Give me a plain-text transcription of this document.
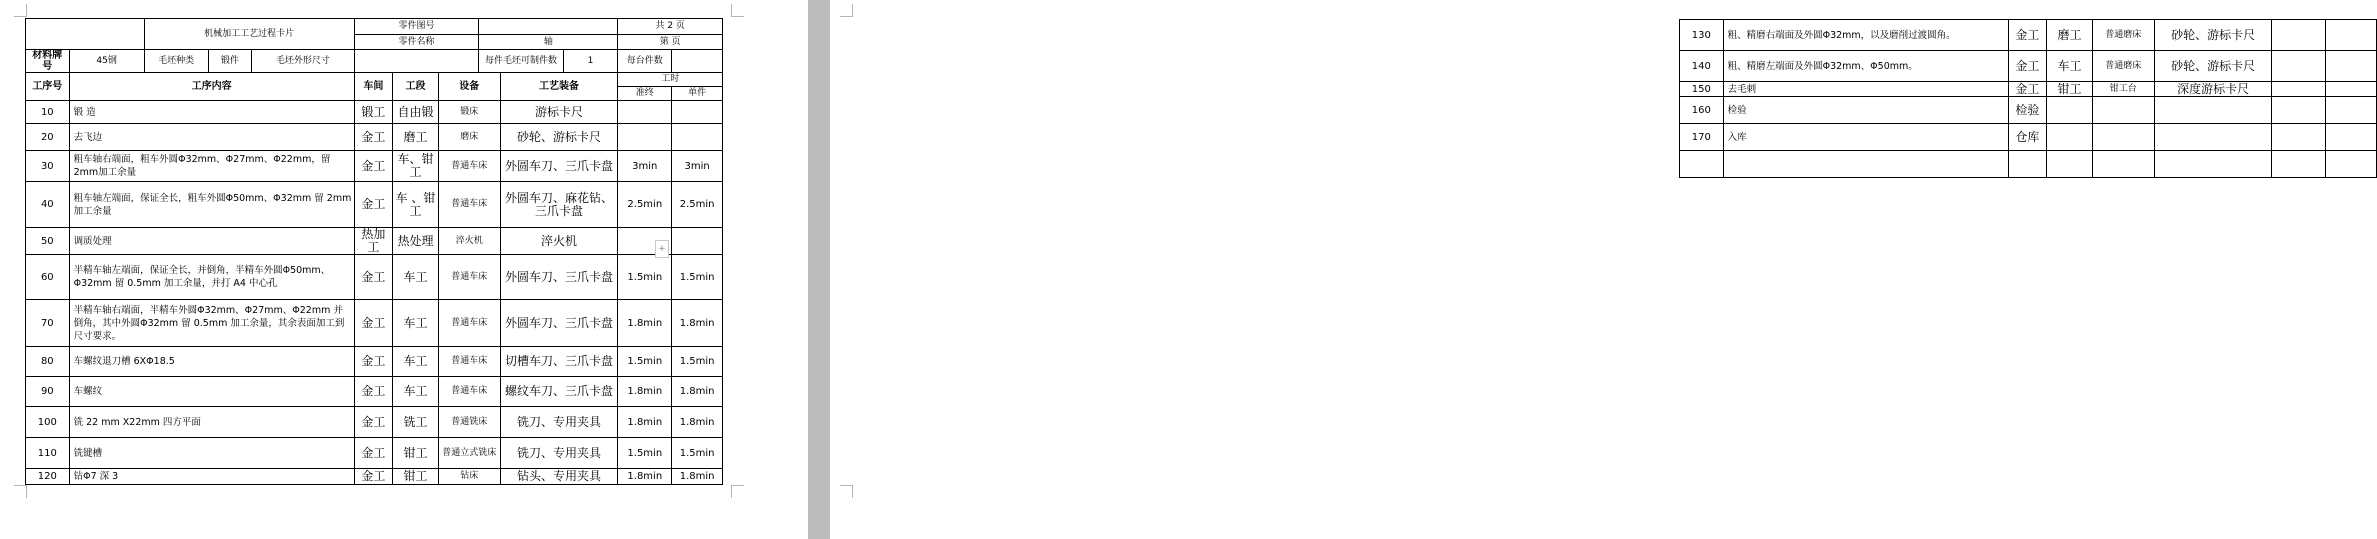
		机械加工工艺过程卡片			零件图号						共 2 页	
					零件名称			轴			第 页	
材料牌号	45钢	毛坯种类	锻件	毛坯外形尺寸				每件毛坯可制件数		1	每台件数	
工序号	工序内容				车间	工段	设备		工艺装备		工时	
											准终	单件
10	锻 造				锻工	自由锻	锻床		游标卡尺			
20	去飞边				金工	磨工	磨床		砂轮、游标卡尺			
30	粗车轴右端面，粗车外圆Φ32mm、Φ27mm、Φ22mm，留2mm加工余量				金工	车、钳工	普通车床		外圆车刀、三爪卡盘		3min	3min
40	粗车轴左端面，保证全长，粗车外圆Φ50mm、Φ32mm 留 2mm 加工余量				金工	车 、钳工	普通车床		外圆车刀、麻花钻、三爪卡盘		2.5min	2.5min
50	调质处理				热加工	热处理	淬火机		淬火机			
60	半精车轴左端面，保证全长，并倒角，半精车外圆Φ50mm、Φ32mm 留 0.5mm 加工余量，并打 A4 中心孔				金工	车工	普通车床		外圆车刀、三爪卡盘		1.5min	1.5min
70	半精车轴右端面，半精车外圆Φ32mm、Φ27mm、Φ22mm 并倒角，其中外圆Φ32mm 留 0.5mm 加工余量，其余表面加工到尺寸要求。				金工	车工	普通车床		外圆车刀、三爪卡盘		1.8min	1.8min
80	车螺纹退刀槽 6XΦ18.5				金工	车工	普通车床		切槽车刀、三爪卡盘		1.5min	1.5min
90	车螺纹				金工	车工	普通车床		螺纹车刀、三爪卡盘		1.8min	1.8min
100	铣 22 mm X22mm 四方平面				金工	铣工	普通铣床		铣刀、专用夹具		1.8min	1.8min
110	铣键槽				金工	钳工	普通立式铣床		铣刀、专用夹具		1.5min	1.5min
120	钻Φ7 深 3				金工	钳工	钻床		钻头、专用夹具		1.8min	1.8min
+
130	粗、精磨右端面及外圆Φ32mm，以及磨削过渡圆角。	金工	磨工	普通磨床	砂轮、游标卡尺		
140	粗、精磨左端面及外圆Φ32mm、Φ50mm。	金工	车工	普通磨床	砂轮、游标卡尺		
150	去毛刺	金工	钳工	钳工台	深度游标卡尺		
160	检验	检验					
170	入库	仓库					
